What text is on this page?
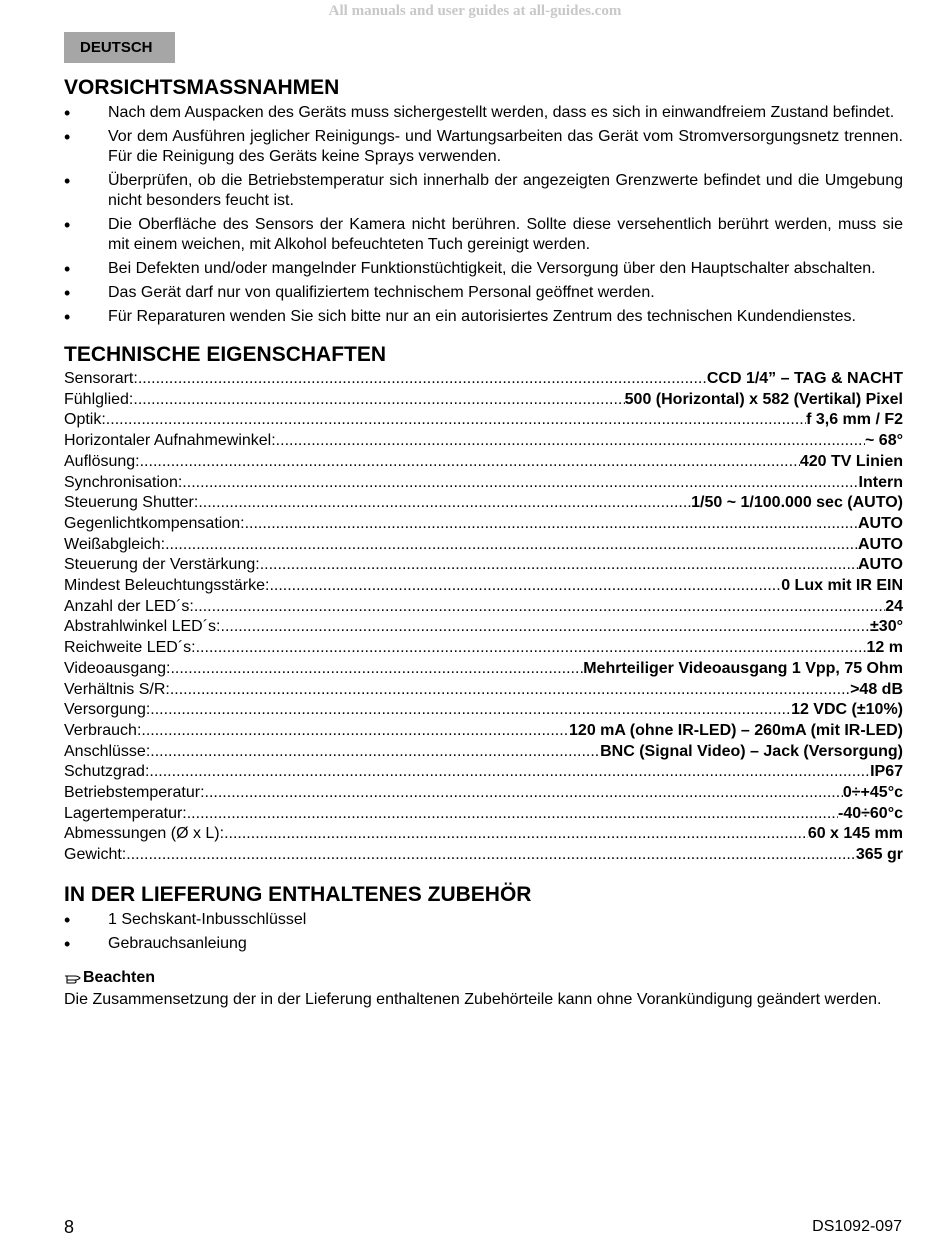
All manuals and user guides at all-guides.com
DEUTSCH
VORSICHTSMASSNAHMEN
• Nach dem Auspacken des Geräts muss sichergestellt werden, dass es sich in einwandfreiem Zustand befindet.
• Vor dem Ausführen jeglicher Reinigungs- und Wartungsarbeiten das Gerät vom Stromversorgungsnetz trennen. Für die Reinigung des Geräts keine Sprays verwenden.
• Überprüfen, ob die Betriebstemperatur sich innerhalb der angezeigten Grenzwerte befindet und die Umgebung nicht besonders feucht ist.
• Die Oberfläche des Sensors der Kamera nicht berühren. Sollte diese versehentlich berührt werden, muss sie mit einem weichen, mit Alkohol befeuchteten Tuch gereinigt werden.
• Bei Defekten und/oder mangelnder Funktionstüchtigkeit, die Versorgung über den Hauptschalter abschalten.
• Das Gerät darf nur von qualifiziertem technischem Personal geöffnet werden.
• Für Reparaturen wenden Sie sich bitte nur an ein autorisiertes Zentrum des technischen Kundendienstes.
TECHNISCHE EIGENSCHAFTEN
Sensorart: .....	CCD 1/4” – TAG & NACHT
Fühlglied: .....	500 (Horizontal) x 582 (Vertikal) Pixel
Optik: .....	f 3,6 mm / F2
Horizontaler Aufnahmewinkel: .....	~ 68°
Auflösung: .....	420 TV Linien
Synchronisation: .....	Intern
Steuerung Shutter: .....	1/50 ~ 1/100.000 sec (AUTO)
Gegenlichtkompensation: .....	AUTO
Weißabgleich: .....	AUTO
Steuerung der Verstärkung: .....	AUTO
Mindest Beleuchtungsstärke: .....	0 Lux mit IR EIN
Anzahl der LED´s: .....	24
Abstrahlwinkel LED´s: .....	±30°
Reichweite LED´s: .....	12 m
Videoausgang: .....	Mehrteiliger Videoausgang 1 Vpp, 75 Ohm
Verhältnis S/R: .....	>48 dB
Versorgung: .....	12 VDC (±10%)
Verbrauch: .....	120 mA (ohne IR-LED) – 260mA (mit IR-LED)
Anschlüsse: .....	BNC (Signal Video) – Jack (Versorgung)
Schutzgrad: .....	IP67
Betriebstemperatur: .....	0÷+45°c
Lagertemperatur: .....	-40÷60°c
Abmessungen (Ø x L): .....	60 x 145 mm
Gewicht: .....	365 gr
IN DER LIEFERUNG ENTHALTENES ZUBEHÖR
• 1 Sechskant-Inbusschlüssel
• Gebrauchsanleiung
Beachten
Die Zusammensetzung der in der Lieferung enthaltenen Zubehörteile kann ohne Vorankündigung geändert werden.
8	DS1092-097
